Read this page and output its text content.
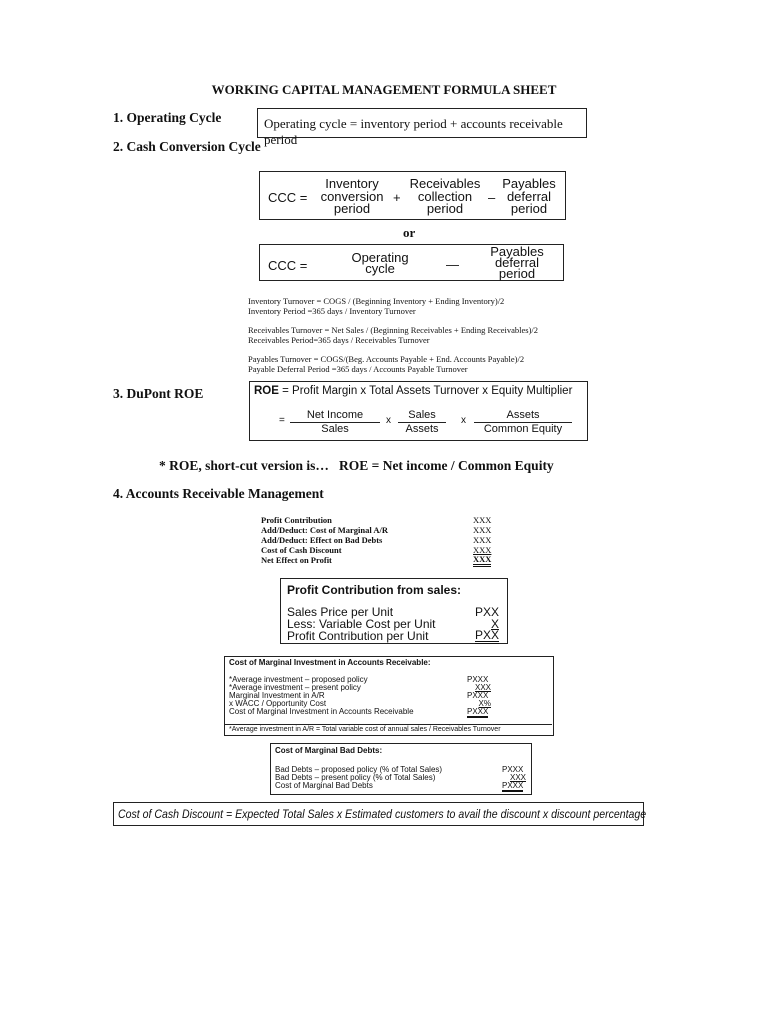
WORKING CAPITAL MANAGEMENT FORMULA SHEET
1. Operating Cycle	Operating cycle = inventory period + accounts receivable period
2. Cash Conversion Cycle
CCC =
Inventory
conversion
period
+
Receivables
collection
period
–
Payables
deferral
period
or
CCC =
Operating
cycle	—
Payables
deferral
period
Inventory Turnover = COGS / (Beginning Inventory + Ending Inventory)/2
Inventory Period =365 days / Inventory Turnover
Receivables Turnover = Net Sales / (Beginning Receivables + Ending Receivables)/2
Receivables Period=365 days / Receivables Turnover
Payables Turnover = COGS/(Beg. Accounts Payable + End. Accounts Payable)/2
Payable Deferral Period =365 days / Accounts Payable Turnover
3. DuPont ROE	ROE = Profit Margin x Total Assets Turnover x Equity Multiplier
=	Net Income
Sales
x	Sales
Assets
x	Assets
Common Equity
* ROE, short-cut version is…   ROE = Net income / Common Equity
4. Accounts Receivable Management
Profit Contribution	XXX
Add/Deduct: Cost of Marginal A/R	XXX
Add/Deduct: Effect on Bad Debts	XXX
Cost of Cash Discount	XXX
Net Effect on Profit	XXX
Profit Contribution from sales:
Sales Price per Unit	PXX
Less: Variable Cost per Unit	X
Profit Contribution per Unit	PXX
Cost of Marginal Investment in Accounts Receivable:
*Average investment – proposed policy	PXXX
*Average investment – present policy	XXX
Marginal Investment in A/R	PXXX
x WACC / Opportunity Cost	X%
Cost of Marginal Investment in Accounts Receivable	PXXX
*Average investment in A/R = Total variable cost of annual sales / Receivables Turnover
Cost of Marginal Bad Debts:
Bad Debts – proposed policy (% of Total Sales)	PXXX
Bad Debts – present policy (% of Total Sales)	XXX
Cost of Marginal Bad Debts	PXXX
Cost of Cash Discount = Expected Total Sales x Estimated customers to avail the discount x discount percentage
